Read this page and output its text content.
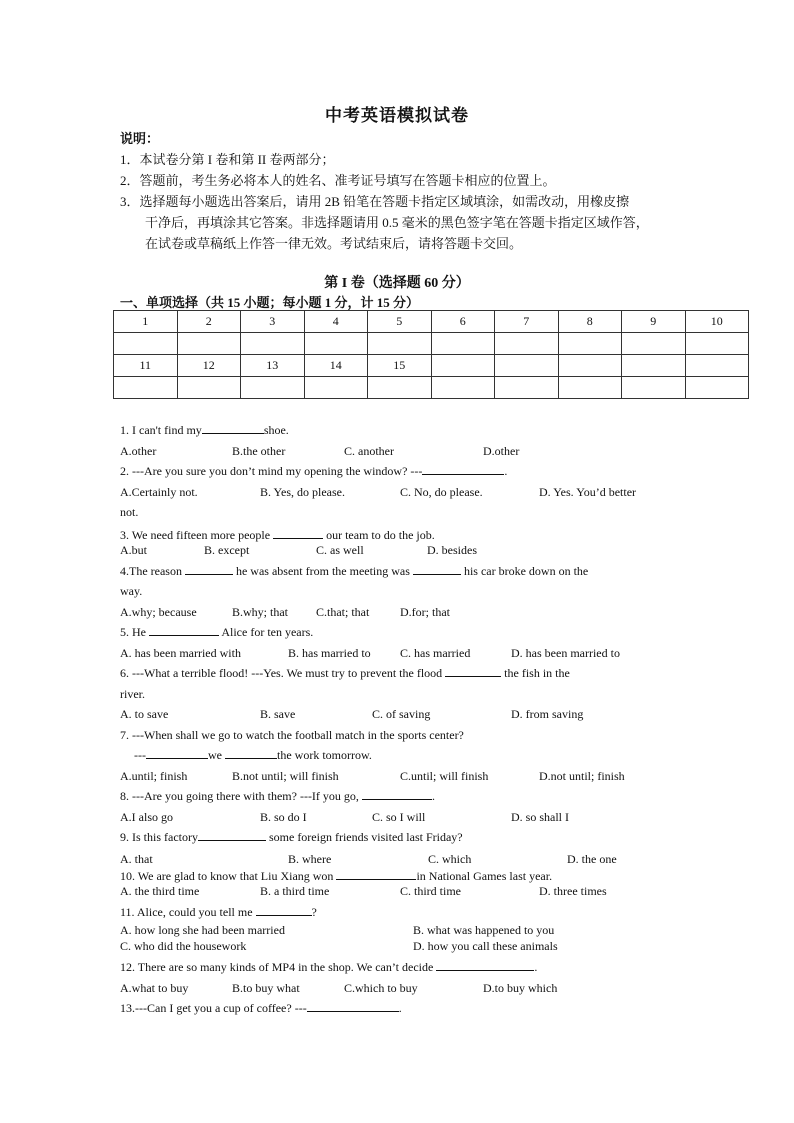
中考英语模拟试卷
说明：
1．本试卷分第 I 卷和第 II 卷两部分；
2．答题前，考生务必将本人的姓名、准考证号填写在答题卡相应的位置上。
3．选择题每小题选出答案后，请用 2B 铅笔在答题卡指定区域填涂，如需改动，用橡皮擦
干净后，再填涂其它答案。非选择题请用 0.5 毫米的黑色签字笔在答题卡指定区域作答，
在试卷或草稿纸上作答一律无效。考试结束后，请将答题卡交回。
第 I 卷（选择题 60 分）
一、单项选择（共 15 小题；每小题 1 分，计 15 分）
1	2	3	4	5	6	7	8	9	10

11	12	13	14	15					

1. I can't find my	shoe.
A.other	B.the other	C. another	D.other
2. ---Are you sure you don’t mind my opening the window? ---	.
A.Certainly not.	B. Yes, do please.	C. No, do please.	D. Yes. You’d better
not.
3. We need fifteen more people	our team to do the job.
A.but	B. except	C. as well	D. besides
4.The reason	he was absent from the meeting was	his car broke down on the
way.
A.why; because	B.why; that C.that; that	D.for; that
5. He	Alice for ten years.
A. has been married with	B. has married to C. has married	D. has been married to
6. ---What a terrible flood! ---Yes. We must try to prevent the flood	the fish in the
river.
A. to save	B. save	C. of saving	D. from saving
7. ---When shall we go to watch the football match in the sports center?
---	we	the work tomorrow.
A.until; finish	B.not until; will finish	C.until; will finish	D.not until; finish
8. ---Are you going there with them? ---If you go,	.
A.I also go	B. so do I	C. so I will	D. so shall I
9. Is this factory	some foreign friends visited last Friday?
A. that	B. where	C. which	D. the one
10. We are glad to know that Liu Xiang won	in National Games last year.
A. the third time	B. a third time	C. third time	D. three times
11. Alice, could you tell me	?
A. how long she had been married	B. what was happened to you
C. who did the housework	D. how you call these animals
12. There are so many kinds of MP4 in the shop. We can’t decide	.
A.what to buy	B.to buy what	C.which to buy	D.to buy which
13.---Can I get you a cup of coffee? ---	.
